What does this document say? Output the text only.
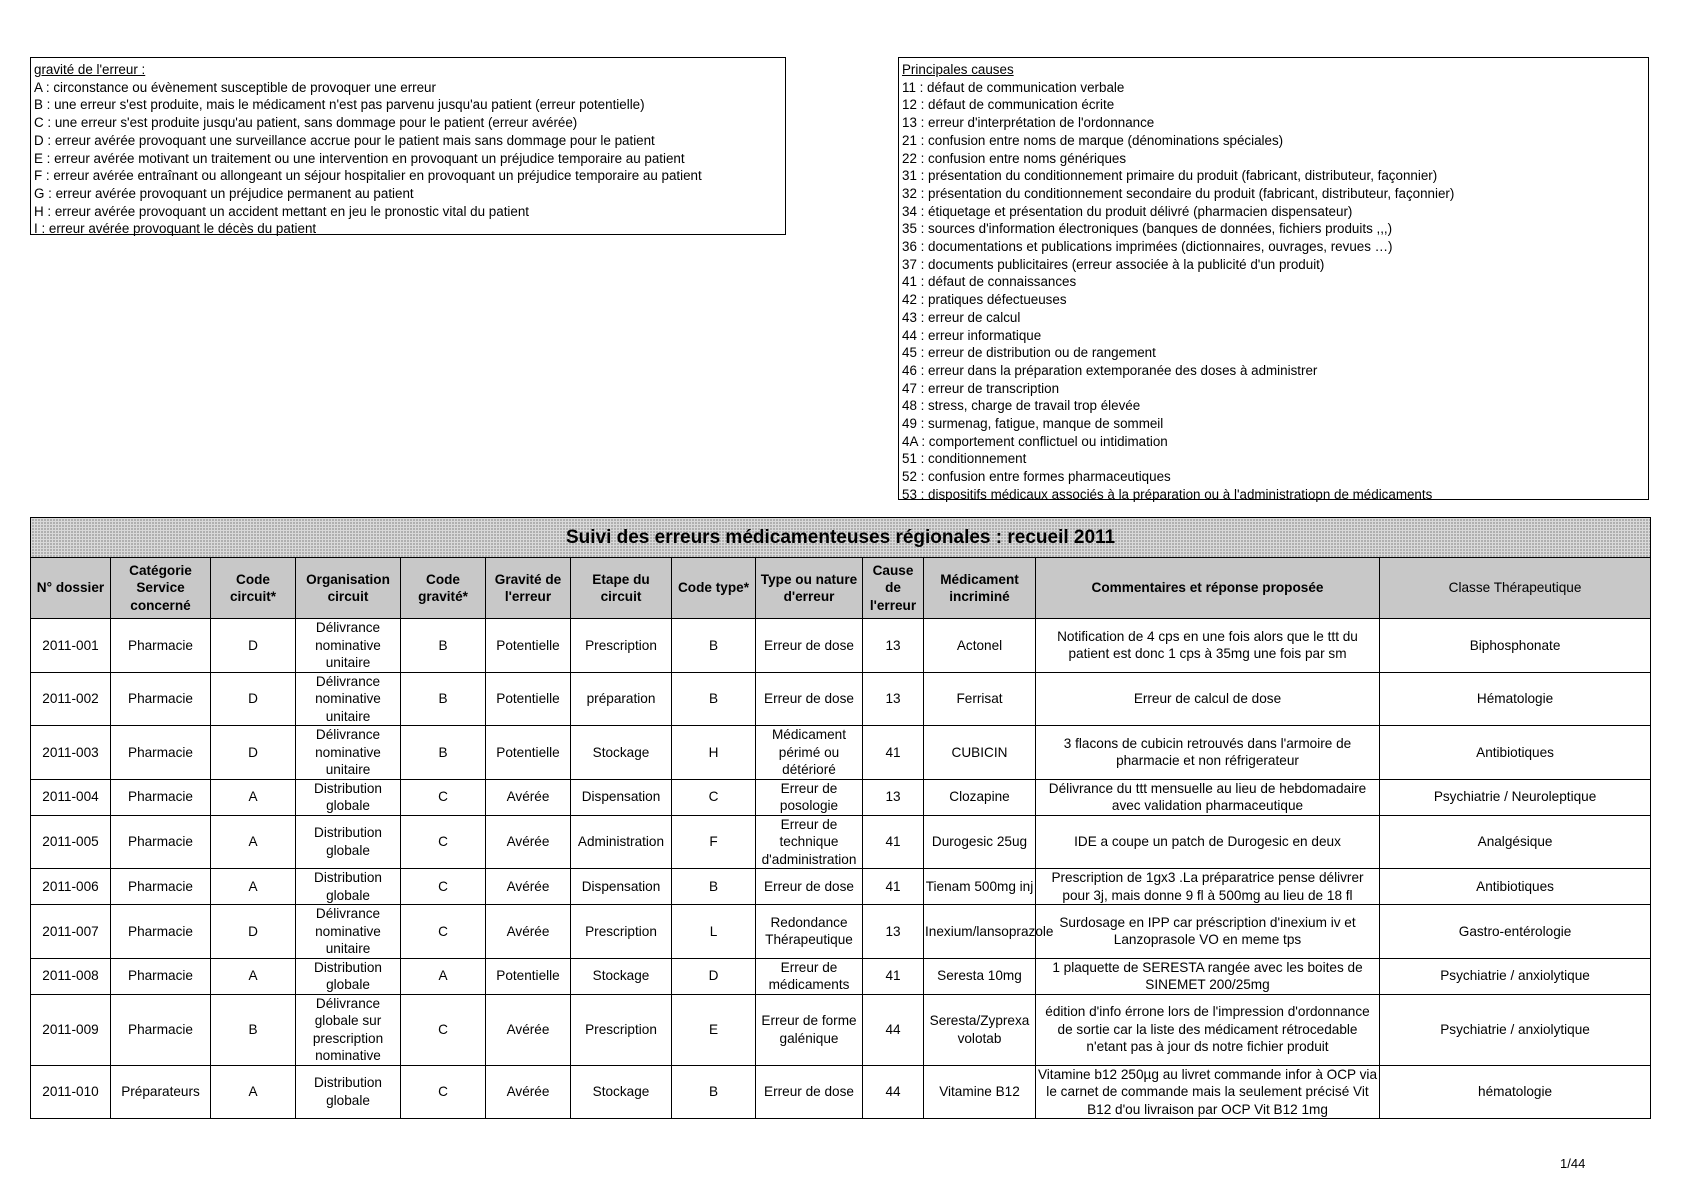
gravité de l'erreur :
A : circonstance ou évènement susceptible de provoquer une erreur
B : une erreur s'est produite, mais le médicament n'est pas parvenu jusqu'au patient (erreur potentielle)
C : une erreur s'est produite jusqu'au patient, sans dommage pour le patient (erreur avérée)
D : erreur avérée provoquant une surveillance accrue pour le patient mais sans dommage pour le patient
E : erreur avérée motivant un traitement ou une intervention en provoquant un préjudice temporaire au patient
F : erreur avérée entraînant ou allongeant un séjour hospitalier en provoquant un préjudice temporaire au patient
G : erreur avérée provoquant un préjudice permanent au patient
H : erreur avérée provoquant un accident mettant en jeu le pronostic vital du patient
I : erreur avérée provoquant le décès du patient
Principales causes
11 : défaut de communication verbale
12 : défaut de communication écrite
13 : erreur d'interprétation de l'ordonnance
21 : confusion entre noms de marque (dénominations spéciales)
22 : confusion entre noms génériques
31 : présentation du conditionnement primaire du produit (fabricant, distributeur, façonnier)
32 : présentation du conditionnement secondaire du produit (fabricant, distributeur, façonnier)
34 : étiquetage et présentation du produit délivré (pharmacien dispensateur)
35 : sources d'information électroniques (banques de données, fichiers produits ,,,)
36 : documentations et publications imprimées (dictionnaires, ouvrages, revues …)
37 : documents publicitaires (erreur associée à la publicité d'un produit)
41 : défaut de connaissances
42 : pratiques défectueuses
43 : erreur de calcul
44 : erreur informatique
45 : erreur de distribution ou de rangement
46 : erreur dans la préparation extemporanée des doses à administrer
47 : erreur de transcription
48 : stress, charge de travail trop élevée
49 : surmenag, fatigue, manque de sommeil
4A : comportement conflictuel ou intidimation
51 : conditionnement
52 : confusion entre formes pharmaceutiques
53 : dispositifs médicaux associés à la préparation ou à l'administratiopn de médicaments
Suivi des erreurs médicamenteuses régionales : recueil 2011												
N° dossier	Catégorie Service concerné	Code circuit*	Organisation circuit	Code gravité*	Gravité de l'erreur	Etape du circuit	Code type*	Type ou nature d'erreur	Cause de l'erreur	Médicament incriminé	Commentaires et réponse proposée	Classe Thérapeutique
2011-001	Pharmacie	D	Délivrance nominative unitaire	B	Potentielle	Prescription	B	Erreur de dose	13	Actonel	Notification de 4 cps en une fois alors que le ttt du patient est donc 1 cps à 35mg une fois par sm	Biphosphonate
2011-002	Pharmacie	D	Délivrance nominative unitaire	B	Potentielle	préparation	B	Erreur de dose	13	Ferrisat	Erreur de calcul de dose	Hématologie
2011-003	Pharmacie	D	Délivrance nominative unitaire	B	Potentielle	Stockage	H	Médicament périmé ou détérioré	41	CUBICIN	3 flacons de cubicin retrouvés dans l'armoire de pharmacie et non réfrigerateur	Antibiotiques
2011-004	Pharmacie	A	Distribution globale	C	Avérée	Dispensation	C	Erreur de posologie	13	Clozapine	Délivrance du ttt mensuelle au lieu de hebdomadaire avec validation pharmaceutique	Psychiatrie / Neuroleptique
2011-005	Pharmacie	A	Distribution globale	C	Avérée	Administration	F	Erreur de technique d'administration	41	Durogesic 25ug	IDE a coupe un patch de Durogesic en deux	Analgésique
2011-006	Pharmacie	A	Distribution globale	C	Avérée	Dispensation	B	Erreur de dose	41	Tienam 500mg inj	Prescription de 1gx3 .La préparatrice pense délivrer pour 3j, mais donne 9 fl à 500mg au lieu de 18 fl	Antibiotiques
2011-007	Pharmacie	D	Délivrance nominative unitaire	C	Avérée	Prescription	L	Redondance Thérapeutique	13	Inexium/lansoprazole	Surdosage en IPP car préscription d'inexium iv et Lanzoprasole VO en meme tps	Gastro-entérologie
2011-008	Pharmacie	A	Distribution globale	A	Potentielle	Stockage	D	Erreur de médicaments	41	Seresta 10mg	1 plaquette de SERESTA rangée avec les boites de SINEMET 200/25mg	Psychiatrie / anxiolytique
2011-009	Pharmacie	B	Délivrance globale sur prescription nominative	C	Avérée	Prescription	E	Erreur de forme galénique	44	Seresta/Zyprexa volotab	édition d'info érrone lors de l'impression d'ordonnance de sortie car la liste des médicament rétrocedable n'etant pas à jour ds notre fichier produit	Psychiatrie / anxiolytique
2011-010	Préparateurs	A	Distribution globale	C	Avérée	Stockage	B	Erreur de dose	44	Vitamine B12	Vitamine b12 250µg au livret commande infor à OCP via le carnet de commande mais la seulement précisé Vit B12 d'ou livraison par OCP Vit B12 1mg	hématologie
1/44
